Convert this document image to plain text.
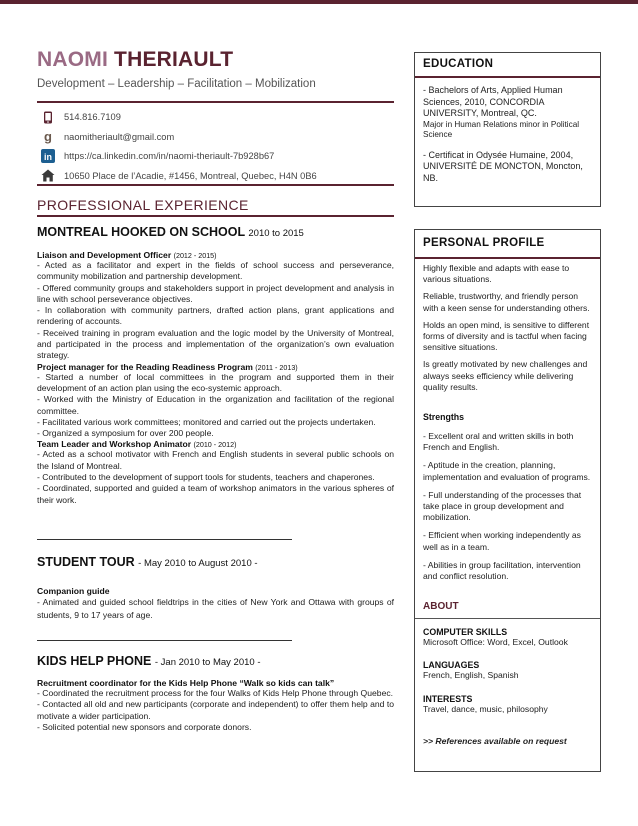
NAOMI THERIAULT
Development – Leadership – Facilitation – Mobilization
514.816.7109
g naomitheriault@gmail.com
in https://ca.linkedin.com/in/naomi-theriault-7b928b67
10650 Place de l’Acadie, #1456, Montreal, Quebec, H4N 0B6
PROFESSIONAL EXPERIENCE
MONTREAL HOOKED ON SCHOOL 2010 to 2015
Liaison and Development Officer (2012 - 2015)
- Acted as a facilitator and expert in the fields of school success and perseverance, community mobilization and partnership development.
- Offered community groups and stakeholders support in project development and analysis in line with school perseverance objectives.
- In collaboration with community partners, drafted action plans, grant applications and rendering of accounts.
- Received training in program evaluation and the logic model by the University of Montreal, and participated in the process and implementation of the organization’s own evaluation strategy.
Project manager for the Reading Readiness Program (2011 - 2013)
- Started a number of local committees in the program and supported them in their development of an action plan using the eco-systemic approach.
- Worked with the Ministry of Education in the organization and facilitation of the regional committee.
- Facilitated various work committees; monitored and carried out the projects undertaken.
- Organized a symposium for over 200 people.
Team Leader and Workshop Animator (2010 - 2012)
- Acted as a school motivator with French and English students in several public schools on the Island of Montreal.
- Contributed to the development of support tools for students, teachers and chaperones.
- Coordinated, supported and guided a team of workshop animators in the various spheres of their work.
STUDENT TOUR - May 2010 to August 2010 -
Companion guide
- Animated and guided school fieldtrips in the cities of New York and Ottawa with groups of students, 9 to 17 years of age.
KIDS HELP PHONE - Jan 2010 to May 2010 -
Recruitment coordinator for the Kids Help Phone “Walk so kids can talk”
- Coordinated the recruitment process for the four Walks of Kids Help Phone through Quebec.
- Contacted all old and new participants (corporate and independent) to offer them help and to motivate a wider participation.
- Solicited potential new sponsors and corporate donors.
EDUCATION
- Bachelors of Arts, Applied Human Sciences, 2010, CONCORDIA UNIVERSITY, Montreal, QC.
Major in Human Relations minor in Political Science
- Certificat in Odysée Humaine, 2004, UNIVERSITÉ DE MONCTON, Moncton, NB.
PERSONAL PROFILE
Highly flexible and adapts with ease to various situations.
Reliable, trustworthy, and friendly person with a keen sense for understanding others.
Holds an open mind, is sensitive to different forms of diversity and is tactful when facing sensitive situations.
Is greatly motivated by new challenges and always seeks efficiency while delivering quality results.
Strengths
- Excellent oral and written skills in both French and English.
- Aptitude in the creation, planning, implementation and evaluation of programs.
- Full understanding of the processes that take place in group development and mobilization.
- Efficient when working independently as well as in a team.
- Abilities in group facilitation, intervention and conflict resolution.
ABOUT
COMPUTER SKILLS
Microsoft Office: Word, Excel, Outlook
LANGUAGES
French, English, Spanish
INTERESTS
Travel, dance, music, philosophy
>> References available on request
